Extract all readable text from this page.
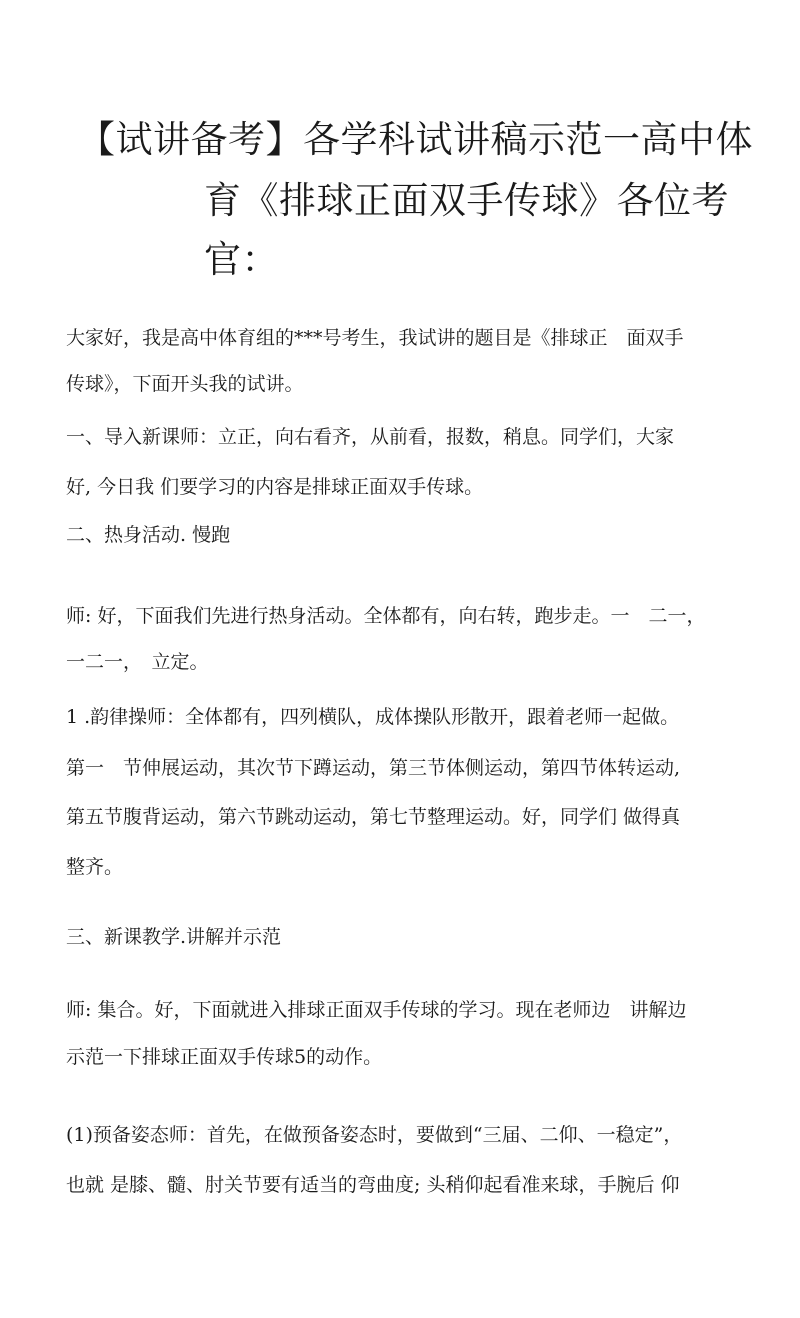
【试讲备考】各学科试讲稿示范一高中体
育《排球正面双手传球》各位考
官：
大家好，我是高中体育组的***号考生，我试讲的题目是《排球正　面双手
传球》，下面开头我的试讲。
一、导入新课师：立正，向右看齐，从前看，报数，稍息。同学们，大家
好, 今日我 们要学习的内容是排球正面双手传球。
二、热身活动. 慢跑
师: 好，下面我们先进行热身活动。全体都有，向右转，跑步走。一　二一，
一二一，　立定。
1 .韵律操师：全体都有，四列横队，成体操队形散开，跟着老师一起做。
第一　节伸展运动，其次节下蹲运动，第三节体侧运动，第四节体转运动,
第五节腹背运动，第六节跳动运动，第七节整理运动。好，同学们 做得真
整齐。
三、新课教学.讲解并示范
师: 集合。好，下面就进入排球正面双手传球的学习。现在老师边　讲解边
示范一下排球正面双手传球5的动作。
(1)预备姿态师：首先，在做预备姿态时，要做到“三届、二仰、一稳定”，
也就 是膝、髓、肘关节要有适当的弯曲度; 头稍仰起看准来球，手腕后 仰
